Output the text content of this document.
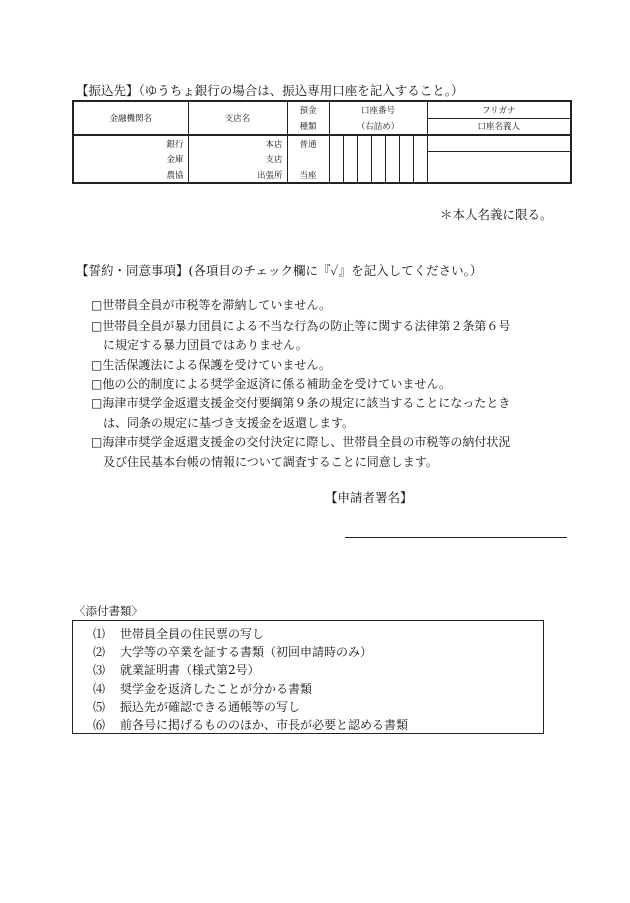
【振込先】（ゆうちょ銀行の場合は、振込専用口座を記入すること。）
金融機関名	支店名	預金	口座番号							フリガナ
		種類	（右詰め）							口座名義人
銀行	本店	普通								
金庫	支店									
農協	出張所	当座								
＊本人名義に限る。
【誓約・同意事項】(各項目のチェック欄に『✓』を記入してください。）
□世帯員全員が市税等を滞納していません。
□世帯員全員が暴力団員による不当な行為の防止等に関する法律第２条第６号
　に規定する暴力団員ではありません。
□生活保護法による保護を受けていません。
□他の公的制度による奨学金返済に係る補助金を受けていません。
□海津市奨学金返還支援金交付要綱第９条の規定に該当することになったとき
　は、同条の規定に基づき支援金を返還します。
□海津市奨学金返還支援金の交付決定に際し、世帯員全員の市税等の納付状況
　及び住民基本台帳の情報について調査することに同意します。
【申請者署名】
〈添付書類〉
⑴ 世帯員全員の住民票の写し
⑵ 大学等の卒業を証する書類（初回申請時のみ）
⑶ 就業証明書（様式第2号）
⑷ 奨学金を返済したことが分かる書類
⑸ 振込先が確認できる通帳等の写し
⑹ 前各号に掲げるもののほか、市長が必要と認める書類
